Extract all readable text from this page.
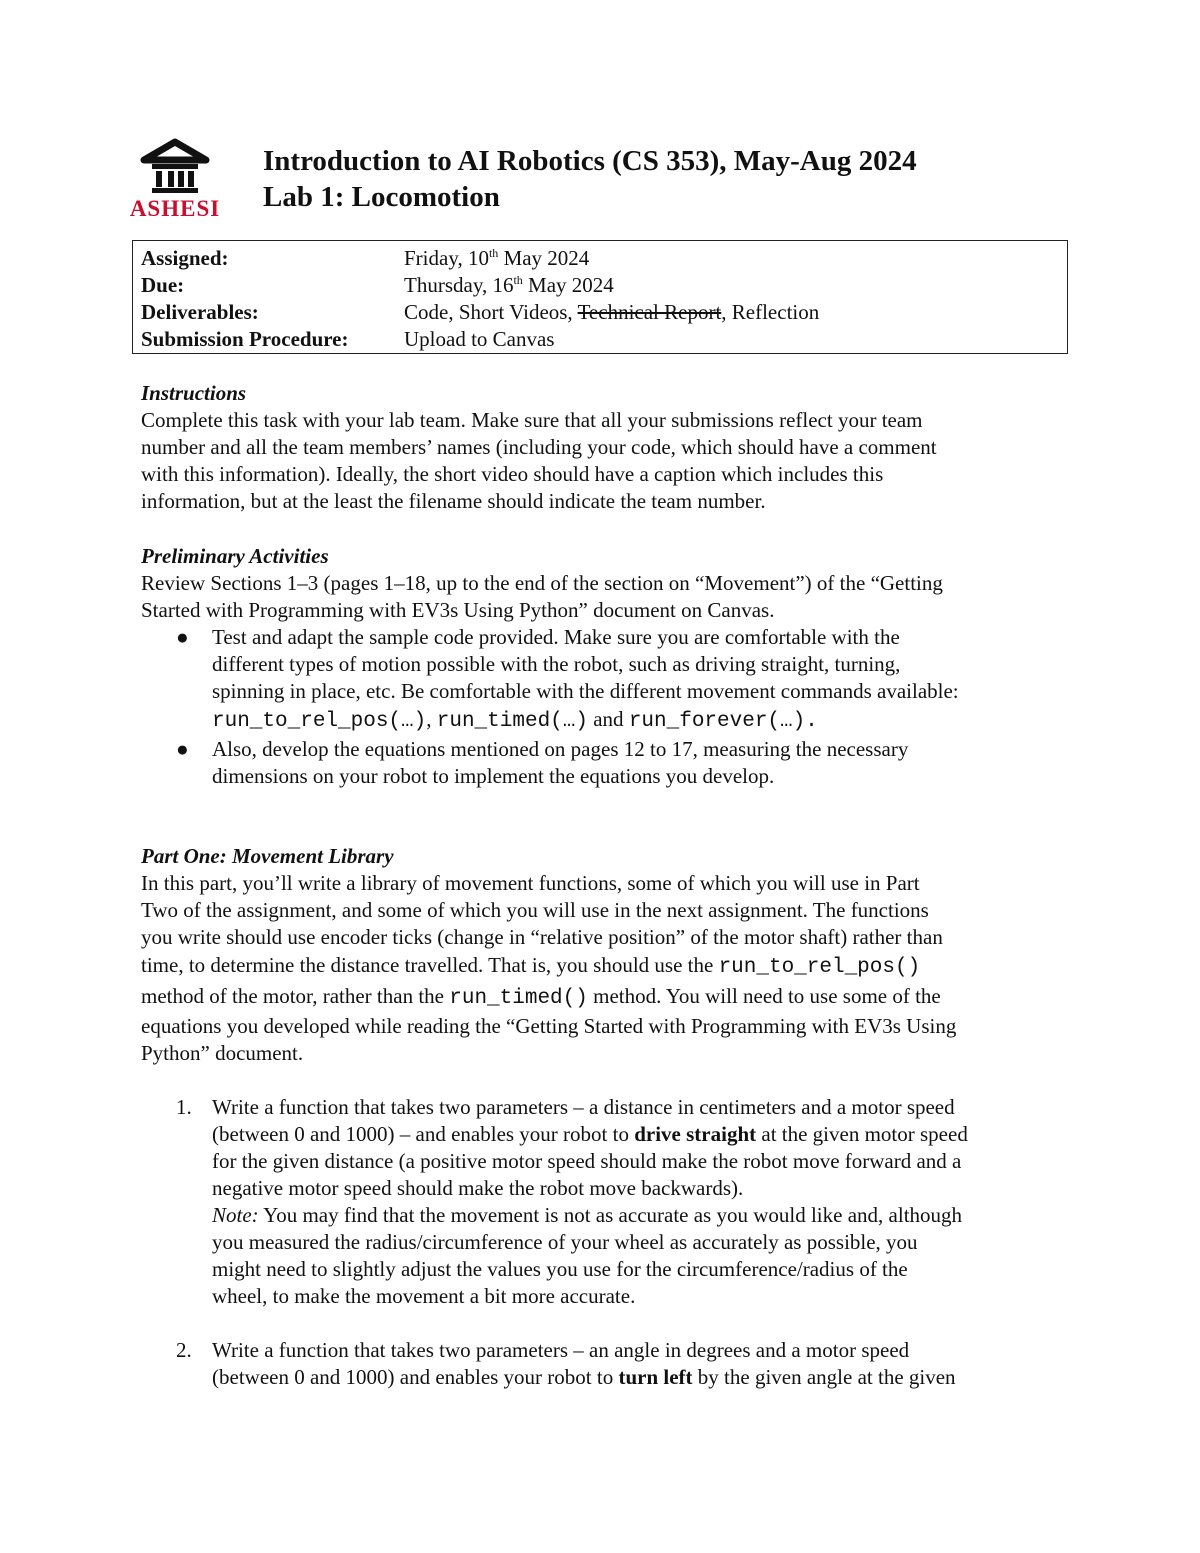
ASHESI
Introduction to AI Robotics (CS 353), May-Aug 2024
Lab 1: Locomotion
Assigned:	Friday, 10th May 2024
Due:	Thursday, 16th May 2024
Deliverables:	Code, Short Videos, Technical Report, Reflection
Submission Procedure:	Upload to Canvas

Instructions

Complete this task with your lab team. Make sure that all your submissions reflect your team

number and all the team members’ names (including your code, which should have a comment

with this information). Ideally, the short video should have a caption which includes this

information, but at the least the filename should indicate the team number.

Preliminary Activities

Review Sections 1–3 (pages 1–18, up to the end of the section on “Movement”) of the “Getting

Started with Programming with EV3s Using Python” document on Canvas.

● Test and adapt the sample code provided. Make sure you are comfortable with the

different types of motion possible with the robot, such as driving straight, turning,

spinning in place, etc. Be comfortable with the different movement commands available:

run_to_rel_pos(…), run_timed(…) and run_forever(…).

● Also, develop the equations mentioned on pages 12 to 17, measuring the necessary

dimensions on your robot to implement the equations you develop.

Part One: Movement Library

In this part, you’ll write a library of movement functions, some of which you will use in Part

Two of the assignment, and some of which you will use in the next assignment. The functions

you write should use encoder ticks (change in “relative position” of the motor shaft) rather than

time, to determine the distance travelled. That is, you should use the run_to_rel_pos()

method of the motor, rather than the run_timed() method. You will need to use some of the

equations you developed while reading the “Getting Started with Programming with EV3s Using

Python” document.

1. Write a function that takes two parameters – a distance in centimeters and a motor speed

(between 0 and 1000) – and enables your robot to drive straight at the given motor speed

for the given distance (a positive motor speed should make the robot move forward and a

negative motor speed should make the robot move backwards).

Note: You may find that the movement is not as accurate as you would like and, although

you measured the radius/circumference of your wheel as accurately as possible, you

might need to slightly adjust the values you use for the circumference/radius of the

wheel, to make the movement a bit more accurate.

2. Write a function that takes two parameters – an angle in degrees and a motor speed

(between 0 and 1000) and enables your robot to turn left by the given angle at the given
